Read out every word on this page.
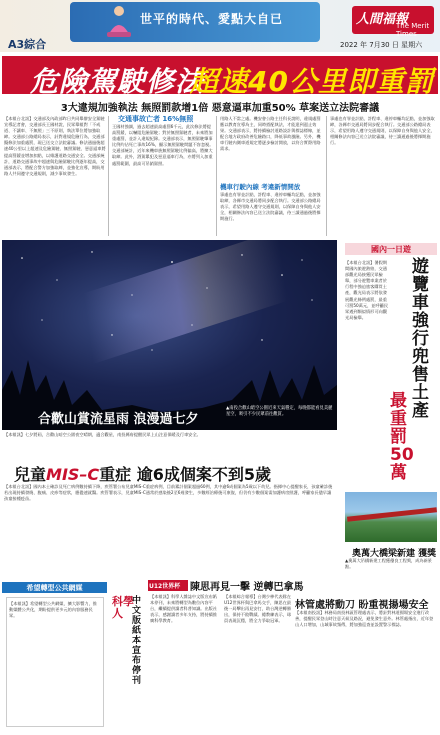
世平的時代、愛點大自已
A3綜合
人間福報
The Merit Times
2022 年 7月30 日 星期六
危險駕駛修法
超速40公里即重罰
3大違規加強執法 無照罰款增1倍 惡意逼車加重50% 草案送立法院審議
【本報台北訊】交通部及內政部昨日共同舉辦安全駕駛宣導記者會，交通部長王國材說，民眾舉報對「不戒道、不讓車、不無照」三不原則，執法單位將加強取締。交通部公路總局表示，針對違規危險行為，交通部擬修法加重處罰，現已送交立法院審議。修法通過後超速40公里以上超速及危險駕駛、無照駕駛、惡意逼車將提高罰鍰並增加扣點，以維護道路交通安全。交通部統計，道路交通事故中超速與危險駕駛比例逐年提高，交通部表示，將配合警方加強取締，並強化宣導，期盼用路人共同遵守交通規則，減少事故發生。
交通事故亡者 16%無照
王國材強調，過去超速最高處罰6千元，此次修法將提高罰鍰，以嚇阻危險駕駛；對於無照駕駛者，未來將加重處罰，並計入違規紀錄。交通部表示，無照駕駛肇事比例約佔死亡事故16%，顯示無照駕駛問題不容忽視。交通部統計，近年來機車族無照駕駛比例偏高，將擴大取締。此外，酒駕累犯及惡意逼車行為，亦將列入加重處罰範圍，最高可吊銷駕照。
機車行駛內線 考違新情開放
用路人不當之處。機安會公路主任科長說明，違規處罰應以教育宣導為主，同時搭配執法，才能達到遏止效果。交通部表示，將持續檢討道路設計與標誌標線，並配合地方政府改善危險路口，降低事故風險。另外，機車行駛內側車道規定將逐步檢討開放，以符合實際用路需求。
事處也有罪並計點，許程車、違停車輛均記點，並加強取締，各縣市交通局將同步配合執行。交通部公路總局表示，希望用路人遵守交通規則，以保障自身與他人安全，相關修法內容已送立法院審議，待三讀通過後將擇期施行。
事處也有罪並計點，許程車、違停車輛均記點，並加強取締，各縣市交通局將同步配合執行。交通部公路總局表示，希望用路人遵守交通規則，以保障自身與他人安全，相關修法內容已送立法院審議，待三讀通過後將擇期施行。
合歡山賞流星雨 浪漫過七夕
▲南投合歡山暗空公園近來天氣穩定，每晚都能看見美麗星空，吸引不少民眾前往觀賞。
【本報訊】七夕將屆，合歡山暗空公園夜空晴朗，適合觀星，南投縣府提醒民眾上山注意保暖及行車安全。
兒童MIS–C重症 逾6成個案不到5歲
【本報台北訊】國內本土確診及死亡病例數持續下降，疾管署公布兒童MIS-C重症病例，目前累計個案超過60例，其中逾6成個案為5歲以下幼兒。指揮中心提醒家長，孩童確診後若出現持續發燒、腹痛、皮疹等症狀，應儘速就醫。疾管署表示，兒童MIS-C通常於感染後2至6週發生，多數經治療後可康復，但仍有少數個案需加護病房照護，呼籲家長儘早讓孩童接種疫苗。
國內一日遊
遊覽車強行兜售土產
最重罰50萬
【本報台北訊】暑假期間國內旅遊熱絡，交通部觀光局接獲民眾檢舉，部分遊覽車業者於行程中強迫旅客購買土產，觀光局表示將依發展觀光條例處罰，最重可罰50萬元，並呼籲民眾遇到類似情形可向觀光局檢舉。
奧萬大橋梁新建 獲獎
▲奧萬大吊橋新建工程獲優良工程獎，成為新景點。
林管處將動刀 盼重視揚場安全
【本報南投訊】林務局南投林區管理處表示，將針對林道揚場安全進行改善，提醒民眾登山時注意天候及路況，避免發生意外。林管處指出，近年登山人口增加，山域事故頻傳，將加強巡查並設置警示標誌。
希望轉型公共網媒
【本報訊】希望轉型公共網媒，擴大影響力，推動媒體公共化，期盼提供更多元的內容服務民眾。
U12世界杯 陳思再見一擊 逆轉巴拿馬
科學人
中文版紙本宣布停刊
【本報訊】科學人雜誌中文版宣布紙本停刊，未來將轉型為數位內容平台，繼續提供讀者科普知識。出版社表示，感謝讀者多年支持，將持續推廣科學教育。
【本報綜合報導】台灣少棒代表隊在U12世界杯與巴拿馬交手，陳思在最後一局擊出再見安打，助台灣逆轉勝出，保持不敗戰績。總教練表示，球員表現沉穩，將全力爭取冠軍。
